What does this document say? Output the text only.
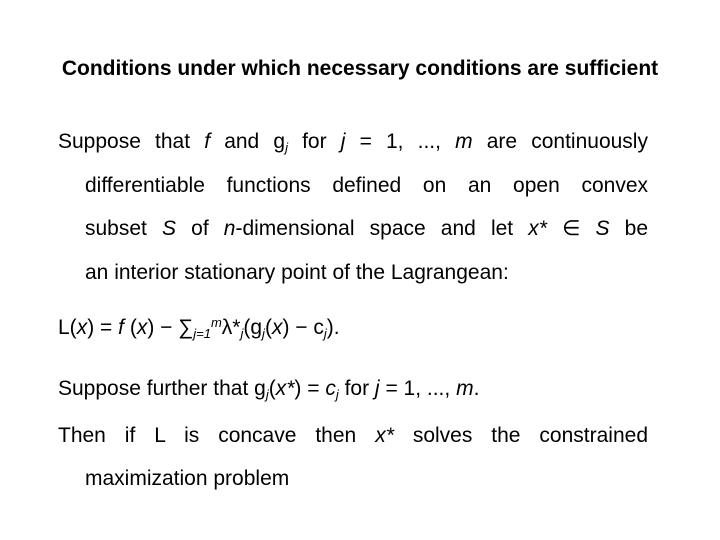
Conditions under which necessary conditions are sufficient
Suppose that f and $g_j$ for j = 1, ..., m are continuously
differentiable functions defined on an open convex
subset S of n-dimensional space and let x* ∈ S be
an interior stationary point of the Lagrangean:
L(x) = f $(x) - \sum_{j=1}^m\lambda*_j(g_j(x) - c_j)$.
Suppose further that $g_j(x*) = c_j$ for j = 1, ..., m.
Then if L is concave then x* solves the constrained
maximization problem
